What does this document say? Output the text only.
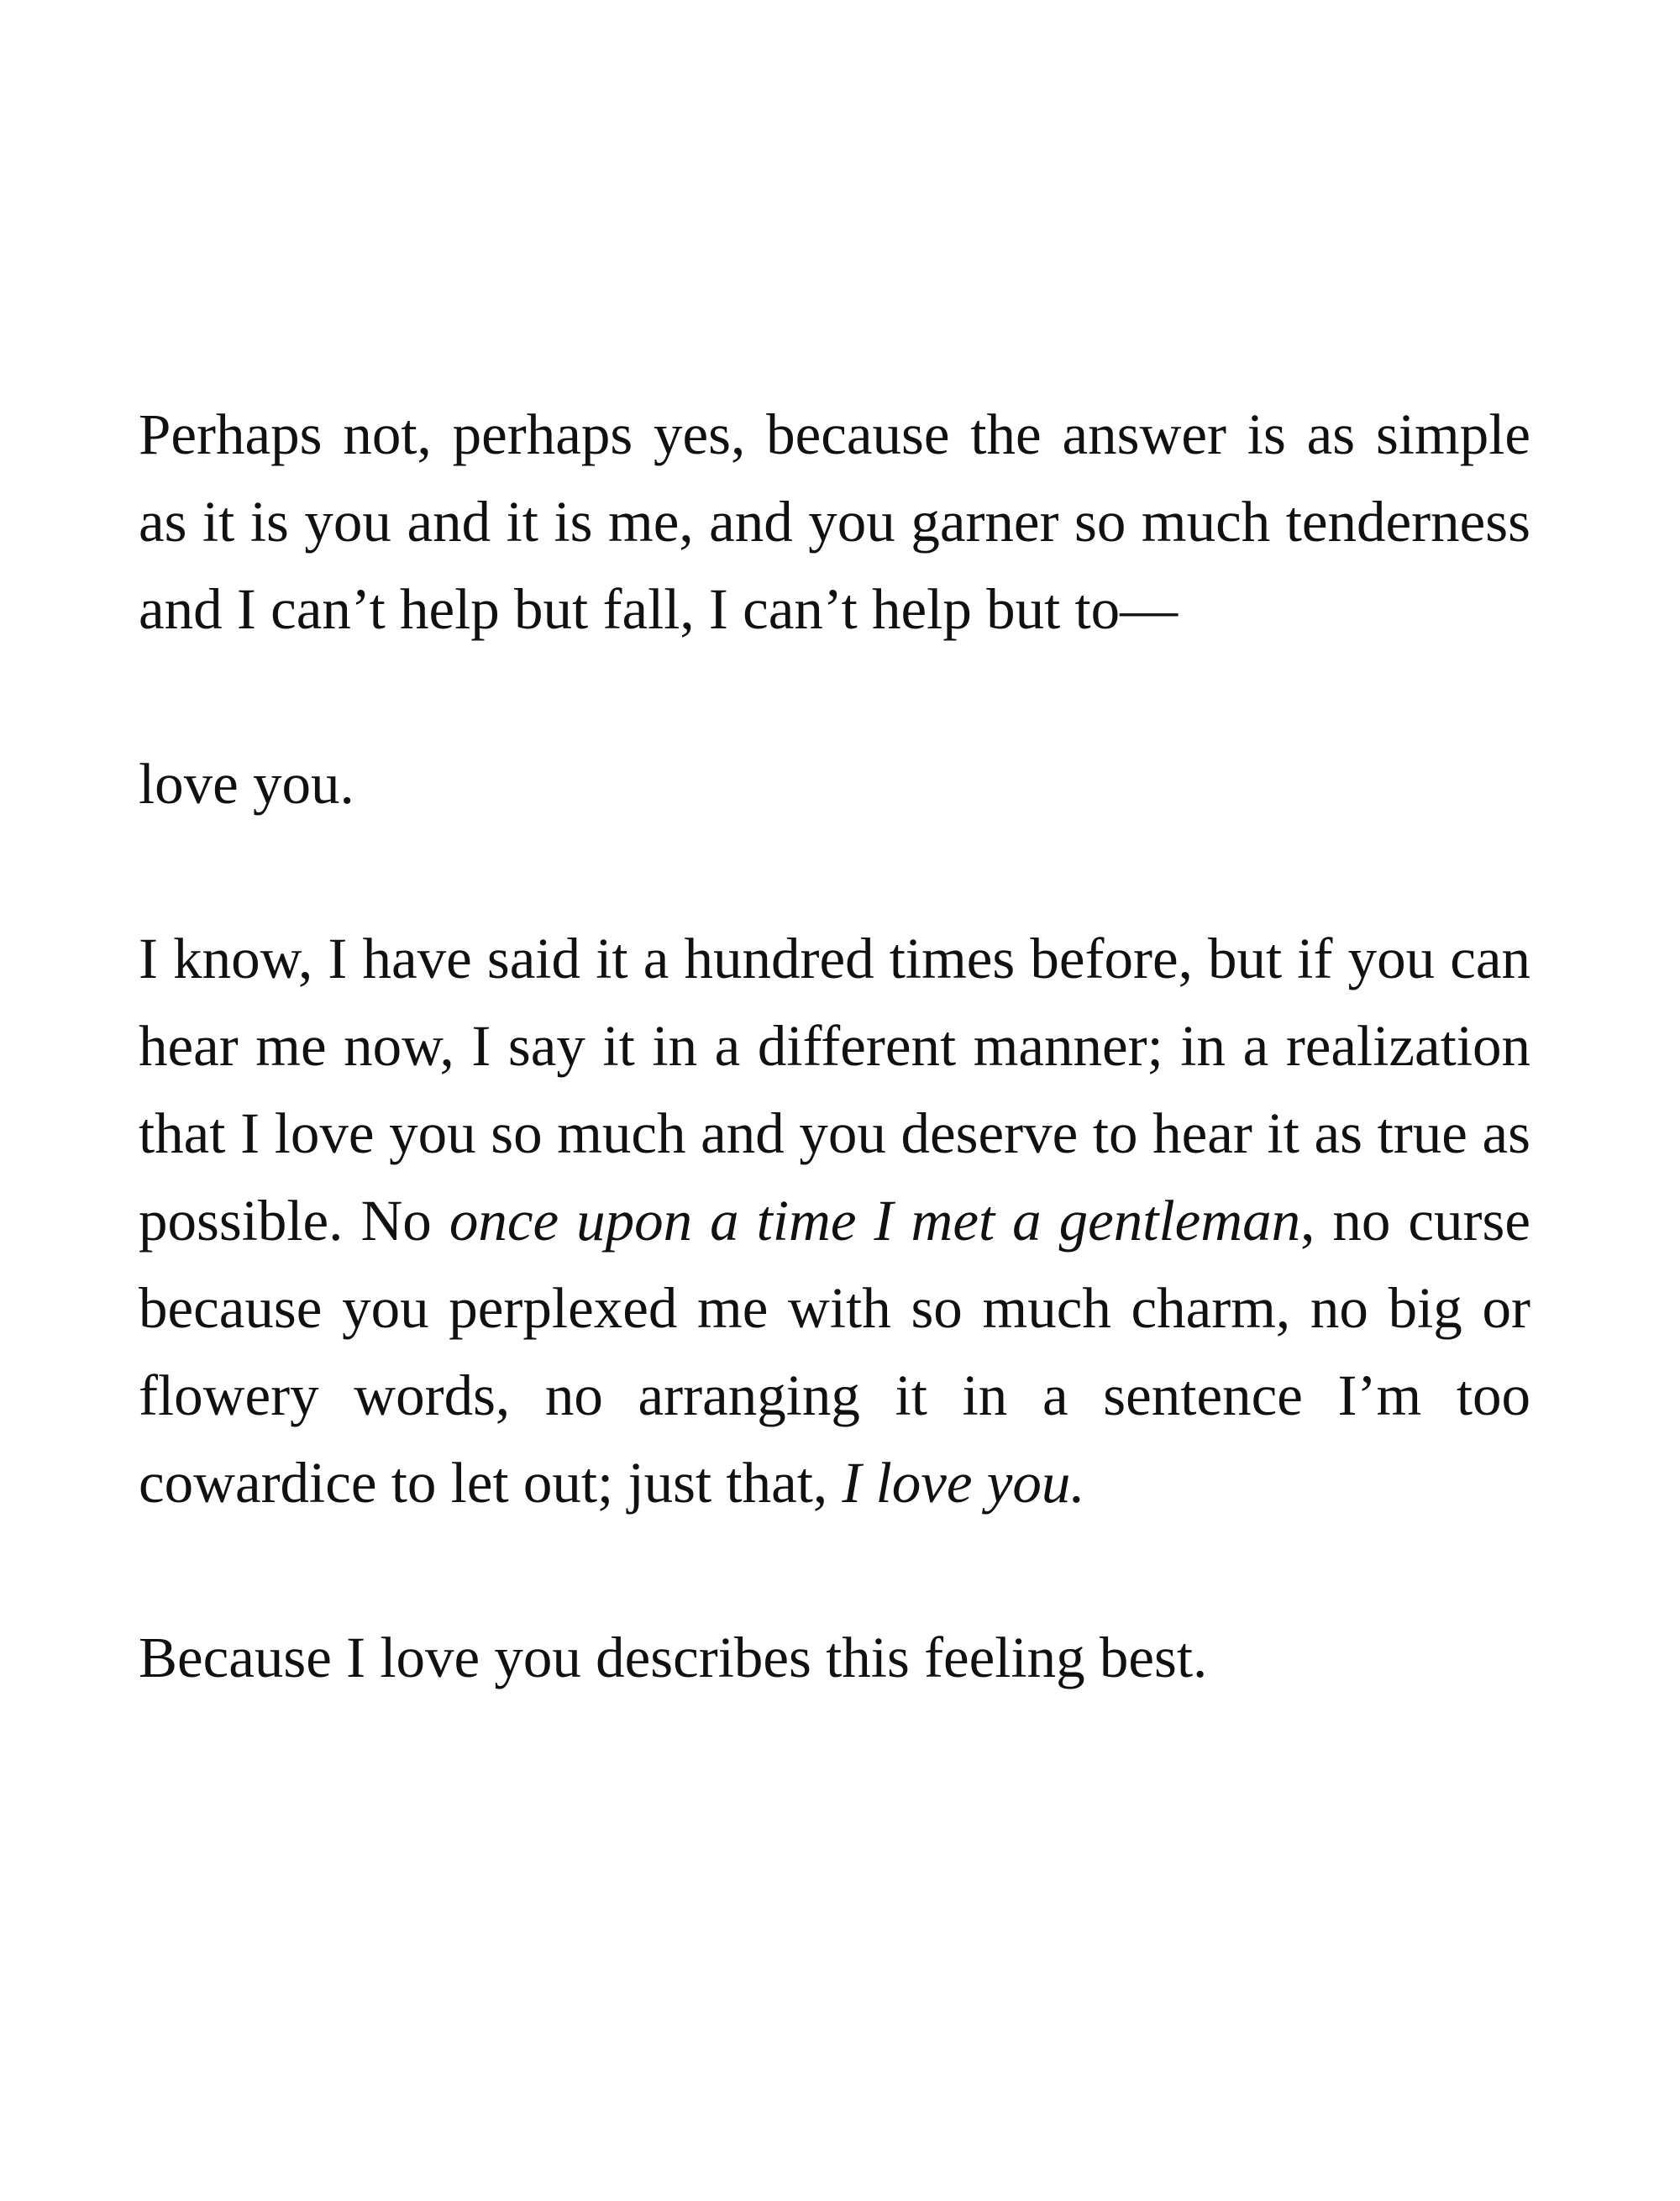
Perhaps not, perhaps yes, because the answer is as simple as it is you and it is me, and you garner so much tenderness and I can’t help but fall, I can’t help but to—

love you.

I know, I have said it a hundred times before, but if you can hear me now, I say it in a different manner; in a realization that I love you so much and you deserve to hear it as true as possible. No once upon a time I met a gentleman, no curse because you perplexed me with so much charm, no big or flowery words, no arranging it in a sentence I’m too cowardice to let out; just that, I love you.

Because I love you describes this feeling best.
